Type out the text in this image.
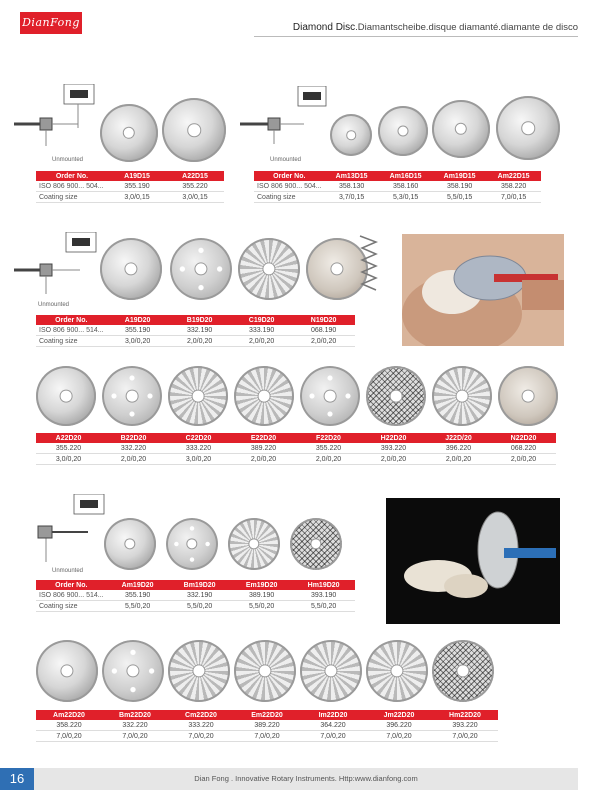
DianFong	Diamond Disc.Diamantscheibe.disque diamanté.diamante de disco
Unmounted
Order No.	A19D15	A22D15
ISO 806 900... 504...	355.190	355.220
Coating size	3,0/0,15	3,0/0,15
Unmounted
Order No.	Am13D15	Am16D15	Am19D15	Am22D15
ISO 806 900... 504...	358.130	358.160	358.190	358.220
Coating size	3,7/0,15	5,3/0,15	5,5/0,15	7,0/0,15
Unmounted
Order No.	A19D20	B19D20	C19D20	N19D20
ISO 806 900... 514...	355.190	332.190	333.190	068.190
Coating size	3,0/0,20	2,0/0,20	2,0/0,20	2,0/0,20
A22D20	B22D20	C22D20	E22D20	F22D20	H22D20	J22D/20	N22D20
355.220	332.220	333.220	389.220	355.220	393.220	396.220	068.220
3,0/0,20	2,0/0,20	3,0/0,20	2,0/0,20	2,0/0,20	2,0/0,20	2,0/0,20	2,0/0,20
Unmounted
Order No.	Am19D20	Bm19D20	Em19D20	Hm19D20
ISO 806 900... 514...	355.190	332.190	389.190	393.190
Coating size	5,5/0,20	5,5/0,20	5,5/0,20	5,5/0,20
Am22D20	Bm22D20	Cm22D20	Em22D20	Im22D20	Jm22D20	Hm22D20
358.220	332.220	333.220	389.220	364.220	396.220	393.220
7,0/0,20	7,0/0,20	7,0/0,20	7,0/0,20	7,0/0,20	7,0/0,20	7,0/0,20
16	Dian Fong . Innovative Rotary Instruments. Http:www.dianfong.com
